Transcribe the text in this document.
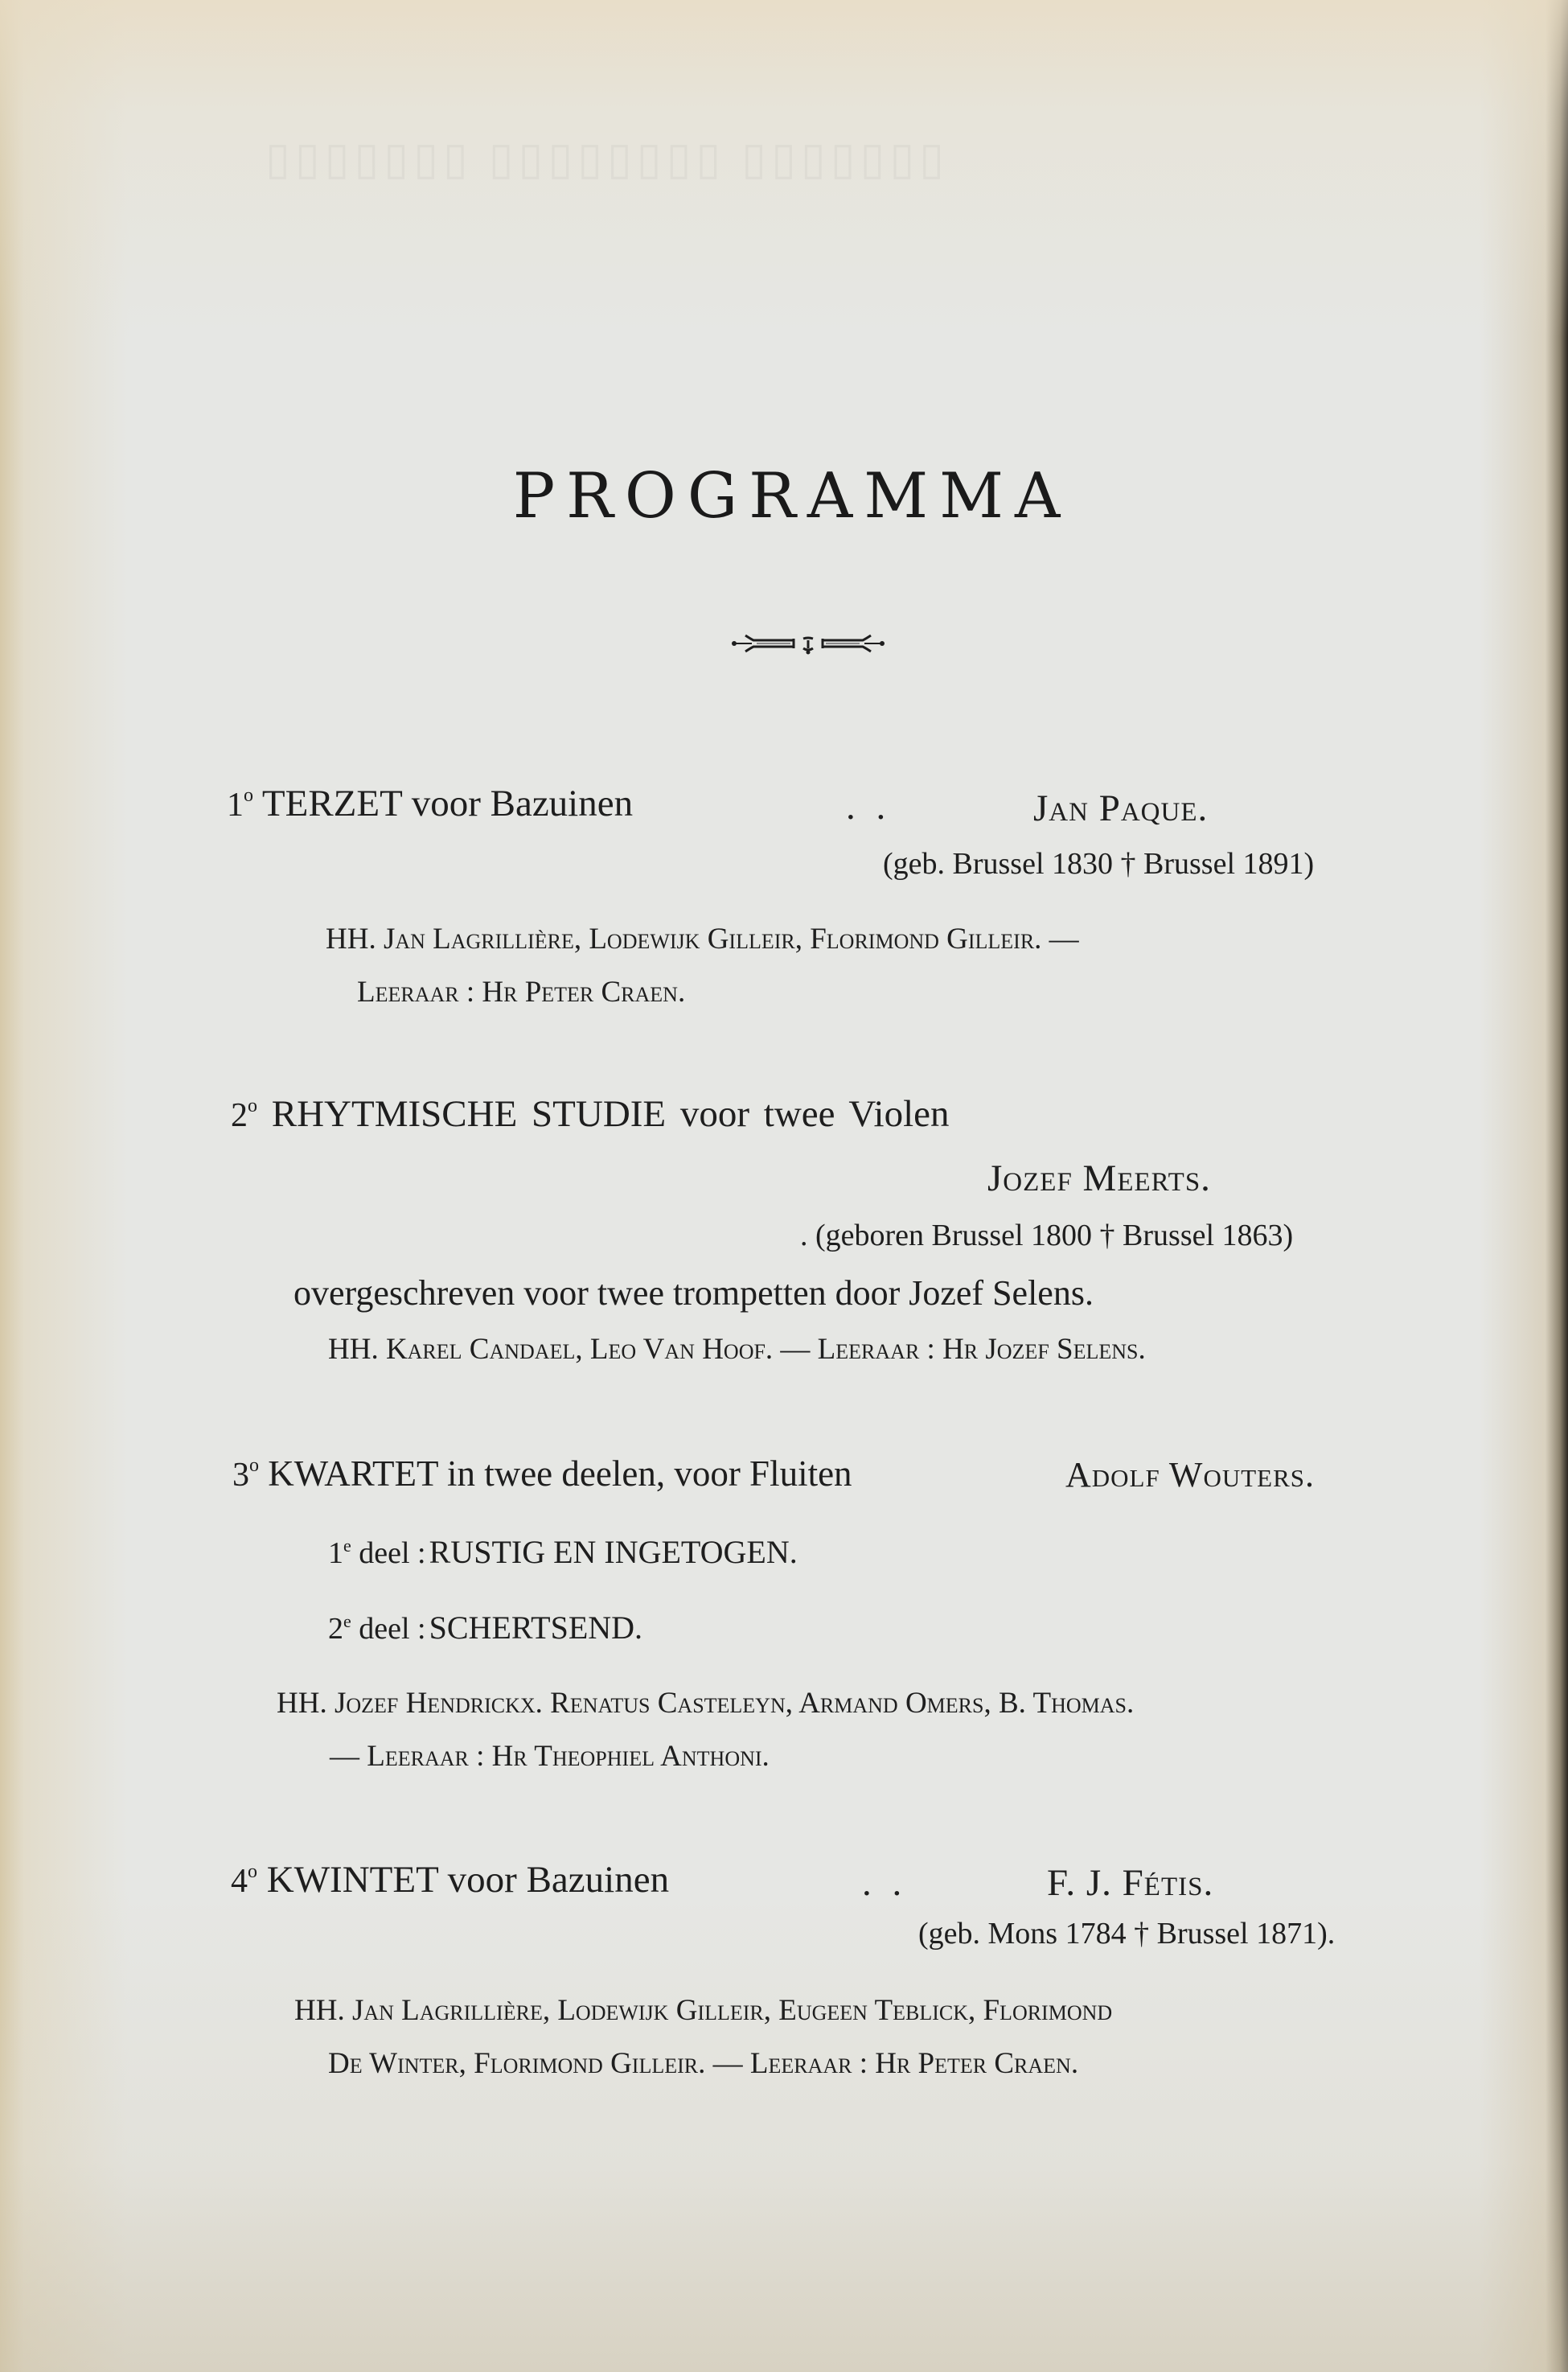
▯▯▯▯▯▯▯ ▯▯▯▯▯▯▯▯ ▯▯▯▯▯▯▯
PROGRAMMA
1$^o$ TERZET voor Bazuinen	. .	Jan Paque.
(geb. Brussel 1830 † Brussel 1891)
HH. Jan Lagrillière, Lodewijk Gilleir, Florimond Gilleir. —
Leeraar : Hr Peter Craen.
2$^o$ RHYTMISCHE STUDIE voor twee Violen
Jozef Meerts.
. (geboren Brussel 1800 † Brussel 1863)
overgeschreven voor twee trompetten door Jozef Selens.
HH. Karel Candael, Leo Van Hoof. — Leeraar : Hr Jozef Selens.
3$^o$ KWARTET in twee deelen, voor Fluiten	Adolf Wouters.
1e deel : RUSTIG EN INGETOGEN.
2e deel : SCHERTSEND.
HH. Jozef Hendrickx. Renatus Casteleyn, Armand Omers, B. Thomas.
— Leeraar : Hr Theophiel Anthoni.
4$^o$ KWINTET voor Bazuinen	. .	F. J. Fétis.
(geb. Mons 1784 † Brussel 1871).
HH. Jan Lagrillière, Lodewijk Gilleir, Eugeen Teblick, Florimond
De Winter, Florimond Gilleir. — Leeraar : Hr Peter Craen.
